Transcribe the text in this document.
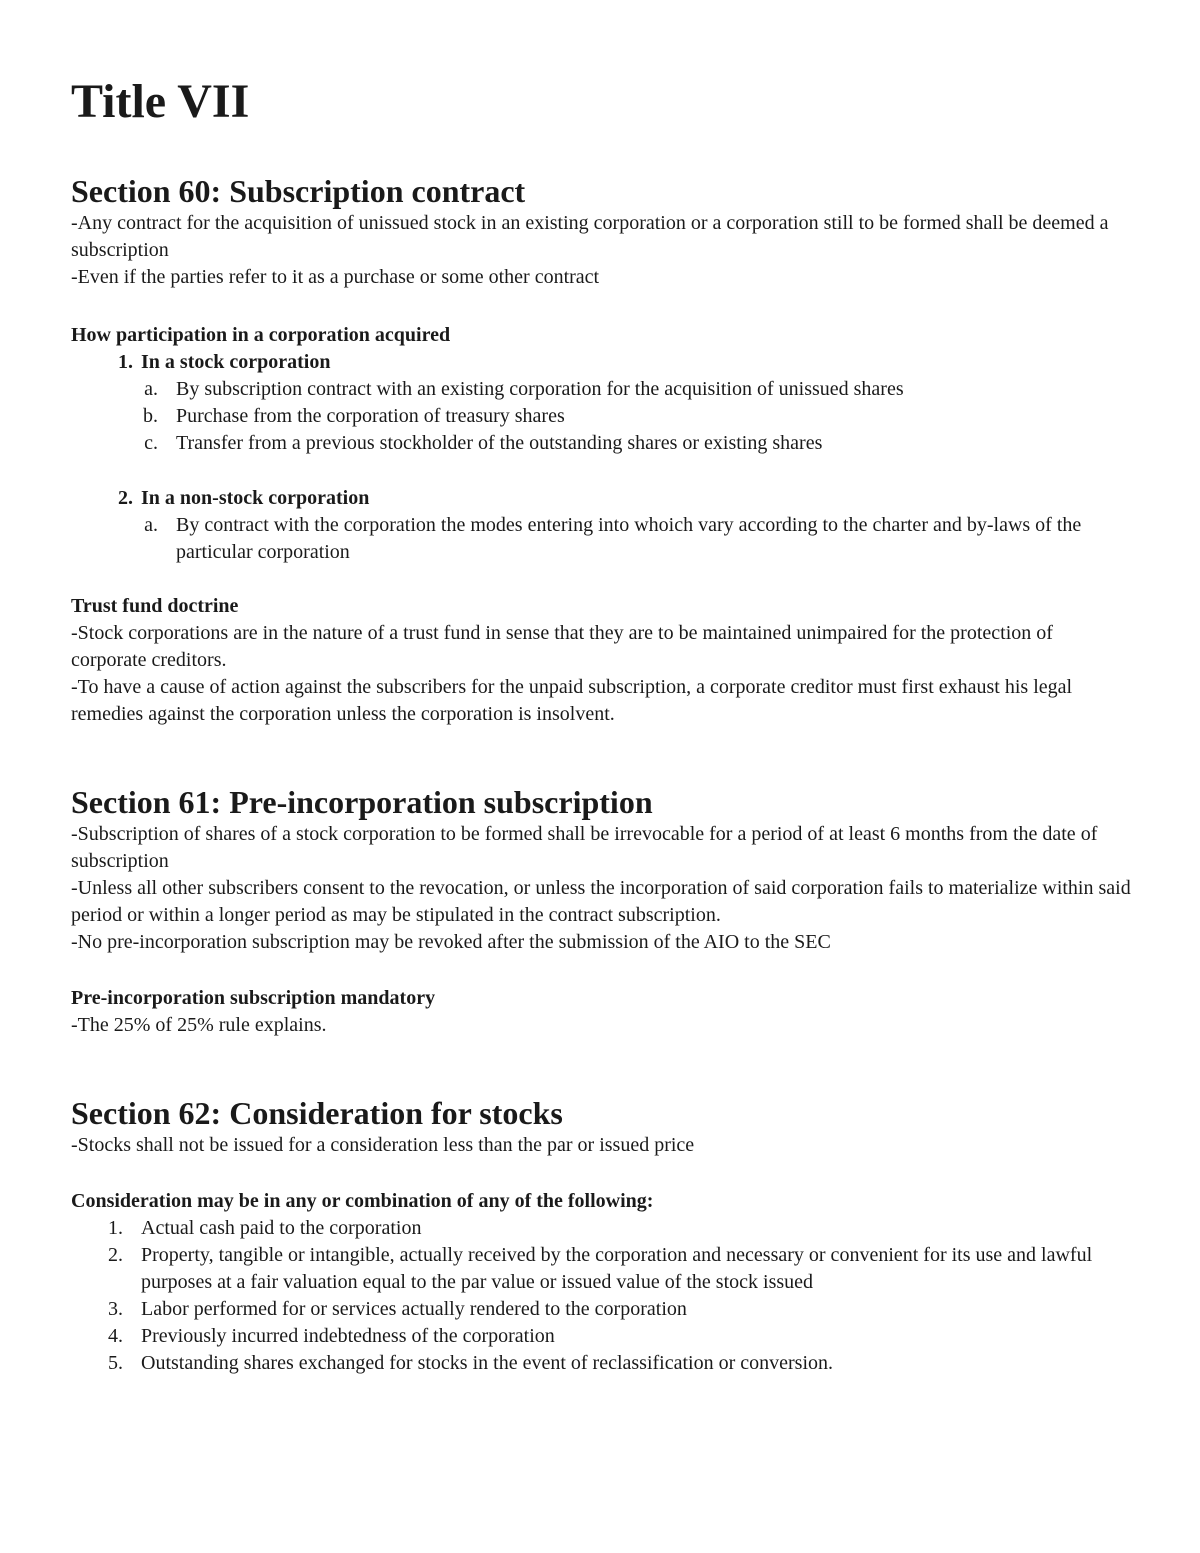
Title VII
Section 60: Subscription contract

-Any contract for the acquisition of unissued stock in an existing corporation or a corporation still to be formed shall be deemed a subscription

-Even if the parties refer to it as a purchase or some other contract

How participation in a corporation acquired

1. In a stock corporation
a. By subscription contract with an existing corporation for the acquisition of unissued shares
b. Purchase from the corporation of treasury shares
c. Transfer from a previous stockholder of the outstanding shares or existing shares
2. In a non-stock corporation
a. By contract with the corporation the modes entering into whoich vary according to the charter and by-laws of the particular corporation

Trust fund doctrine

-Stock corporations are in the nature of a trust fund in sense that they are to be maintained unimpaired for the protection of corporate creditors.

-To have a cause of action against the subscribers for the unpaid subscription, a corporate creditor must first exhaust his legal remedies against the corporation unless the corporation is insolvent.

Section 61: Pre-incorporation subscription

-Subscription of shares of a stock corporation to be formed shall be irrevocable for a period of at least 6 months from the date of subscription

-Unless all other subscribers consent to the revocation, or unless the incorporation of said corporation fails to materialize within said period or within a longer period as may be stipulated in the contract subscription.

-No pre-incorporation subscription may be revoked after the submission of the AIO to the SEC

Pre-incorporation subscription mandatory

-The 25% of 25% rule explains.

Section 62: Consideration for stocks

-Stocks shall not be issued for a consideration less than the par or issued price

Consideration may be in any or combination of any of the following:

1. Actual cash paid to the corporation
2. Property, tangible or intangible, actually received by the corporation and necessary or convenient for its use and lawful purposes at a fair valuation equal to the par value or issued value of the stock issued
3. Labor performed for or services actually rendered to the corporation
4. Previously incurred indebtedness of the corporation
5. Outstanding shares exchanged for stocks in the event of reclassification or conversion.
